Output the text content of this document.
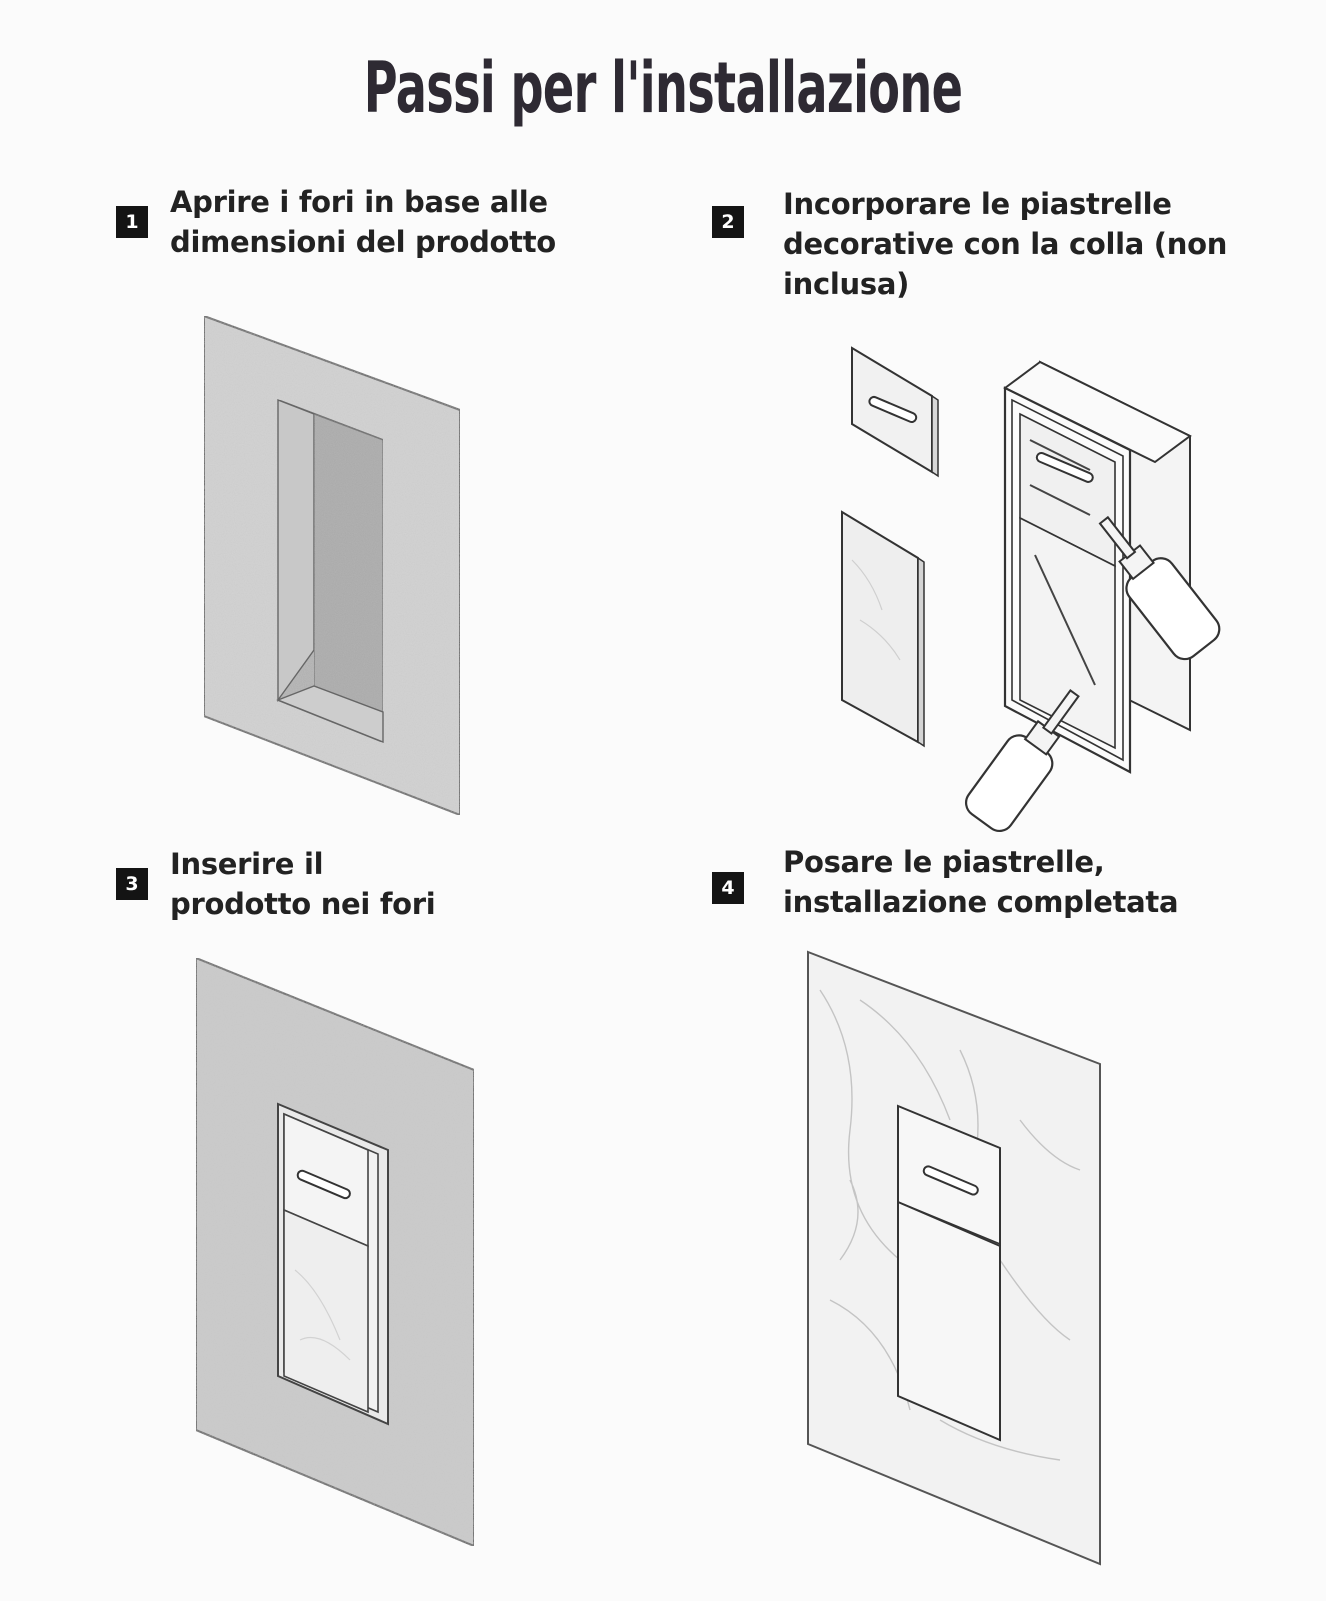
Passi per l'installazione
1
Aprire i fori in base alle
dimensioni del prodotto
2
Incorporare le piastrelle
decorative con la colla (non
inclusa)
3
Inserire il
prodotto nei fori	4
Posare le piastrelle,
installazione completata
